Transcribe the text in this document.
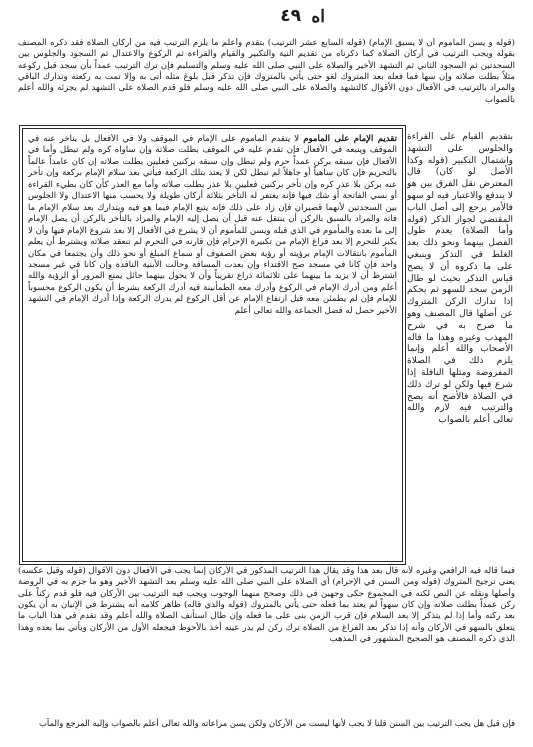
٤٩ اه
(قوله و يسن المأموم أن لا يسبق الإمام) (قوله السابع عشر الترتيب) بتقدم وأعلم ما يلزم الترتيب فيه من أركان الصلاة فقد ذكره المصنف بقوله ويجب الترتيب في أركان الصلاة كما ذكرناه من تقديم النية والتكبير والقيام والقراءة ثم الركوع والاعتدال ثم السجود والجلوس بين السجدتين ثم السجود الثاني ثم التشهد الأخير والصلاة على النبي صلى الله عليه وسلم والتسليم فإن ترك الترتيب عمداً بأن سجد قبل ركوعه مثلاً بطلت صلاته وإن سها فما فعله بعد المتروك لغو حتى يأتي بالمتروك فإن تذكر قبل بلوغ مثله أتى به وإلا تمت به ركعته وتدارك الباقي والمراد بالترتيب في الأفعال دون الأقوال كالتشهد والصلاة على النبي صلى الله عليه وسلم فلو قدم الصلاة على التشهد لم يجزئه والله أعلم بالصواب
بتقديم القيام على القراءة والجلوس على التشهد واشتمال التكبير (قوله وكذا الأصل لو كان) قال المعترض نقل الفرق بين هو لا يندفع والاعتبار فيه لو سهو فالأمر يرجع إلى أصل الباب المقتضي لجواز الذكر (قوله وأما الصلاة) يعدم طول الفصل بينهما ونحو ذلك بعد الغلط في التذكر وينبغي على ما ذكروه أن لا يصح قياس التذكر بحيث لو طال الزمن سجد للسهو ثم يحكم إذا تدارك الركن المتروك عن أصلها قال المصنف وهو ما صرح به في شرح المهذب وغيره وهذا ما قاله الأصحاب والله أعلم وإنما يلزم ذلك في الصلاة المفروضة ومثلها النافلة إذا شرع فيها ولكن لو ترك ذلك في الصلاة فالأصح أنه يصح والترتيب فيه لازم والله تعالى أعلم بالصواب
تقديم الإمام على المأموم لا يتقدم المأموم على الإمام في الموقف ولا في الأفعال بل يتأخر عنه في الموقف ويتبعه في الأفعال فإن تقدم عليه في الموقف بطلت صلاته وإن ساواه كره ولم تبطل وأما في الأفعال فإن سبقه بركن عمداً حرم ولم تبطل وإن سبقه بركنين فعليين بطلت صلاته إن كان عامداً عالماً بالتحريم فإن كان ساهياً أو جاهلاً لم تبطل لكن لا يعتد بتلك الركعة فيأتي بعد سلام الإمام بركعة وإن تأخر عنه بركن بلا عذر كره وإن تأخر بركنين فعليين بلا عذر بطلت صلاته وأما مع العذر كأن كان بطيء القراءة أو نسي الفاتحة أو شك فيها فإنه يغتفر له التأخر بثلاثة أركان طويلة ولا يحسب منها الاعتدال ولا الجلوس بين السجدتين لأنهما قصيران فإن زاد على ذلك فإنه يتبع الإمام فيما هو فيه ويتدارك بعد سلام الإمام ما فاته والمراد بالسبق بالركن أن ينتقل عنه قبل أن يصل إليه الإمام والمراد بالتأخر بالركن أن يصل الإمام إلى ما بعده والمأموم في الذي قبله ويسن للمأموم أن لا يشرع في الأفعال إلا بعد شروع الإمام فيها وأن لا يكبر للتحرم إلا بعد فراغ الإمام من تكبيرة الإحرام فإن قارنه في التحرم لم تنعقد صلاته ويشترط أن يعلم المأموم بانتقالات الإمام برؤيته أو رؤية بعض الصفوف أو سماع المبلغ أو نحو ذلك وأن يجتمعا في مكان واحد فإن كانا في مسجد صح الاقتداء وإن بعدت المسافة وحالت الأبنية النافذة وإن كانا في غير مسجد اشترط أن لا يزيد ما بينهما على ثلاثمائة ذراع تقريباً وأن لا يحول بينهما حائل يمنع المرور أو الرؤية والله أعلم ومن أدرك الإمام في الركوع وأدرك معه الطمأنينة فيه أدرك الركعة بشرط أن يكون الركوع محسوباً للإمام فإن لم يطمئن معه قبل ارتفاع الإمام عن أقل الركوع لم يدرك الركعة وإذا أدرك الإمام في التشهد الأخير حصل له فضل الجماعة والله تعالى أعلم
فيما قاله فيه الرافعي وغيره لأنه قال بعد هذا وقد يقال هذا الترتيب المذكور في الأركان إنما يجب في الأفعال دون الأقوال (قوله وقيل عكسه) يعني ترجيح المتروك (قوله ومن السنن في الإحرام) أي الصلاة على النبي صلى الله عليه وسلم بعد التشهد الأخير وهو ما جزم به في الروضة وأصلها ونقله عن النص لكنه في المجموع حكى وجهين في ذلك وصحح منهما الوجوب ويجب فيه الترتيب بين الأركان فيه فلو قدم ركناً على ركن عمداً بطلت صلاته وإن كان سهواً لم يعتد بما فعله حتى يأتي بالمتروك (قوله والذي قاله) ظاهر كلامه أنه يشترط في الإتيان به أن يكون بعد ركنه وأما إذا لم يتذكر إلا بعد السلام فإن قرب الزمن بنى على ما فعله وإن طال استأنف الصلاة والله أعلم وقد تقدم في هذا الباب ما يتعلق بالسهو في الأركان وأنه إذا تذكر بعد الفراغ من الصلاة ترك ركن لم يدر عينه أخذ بالأحوط فيجعله الأول من الأركان ويأتي بما بعده وهذا الذي ذكره المصنف هو الصحيح المشهور في المذهب
فإن قيل هل يجب الترتيب بين السنن قلنا لا يجب لأنها ليست من الأركان ولكن يسن مراعاته والله تعالى أعلم بالصواب وإليه المرجع والمآب
